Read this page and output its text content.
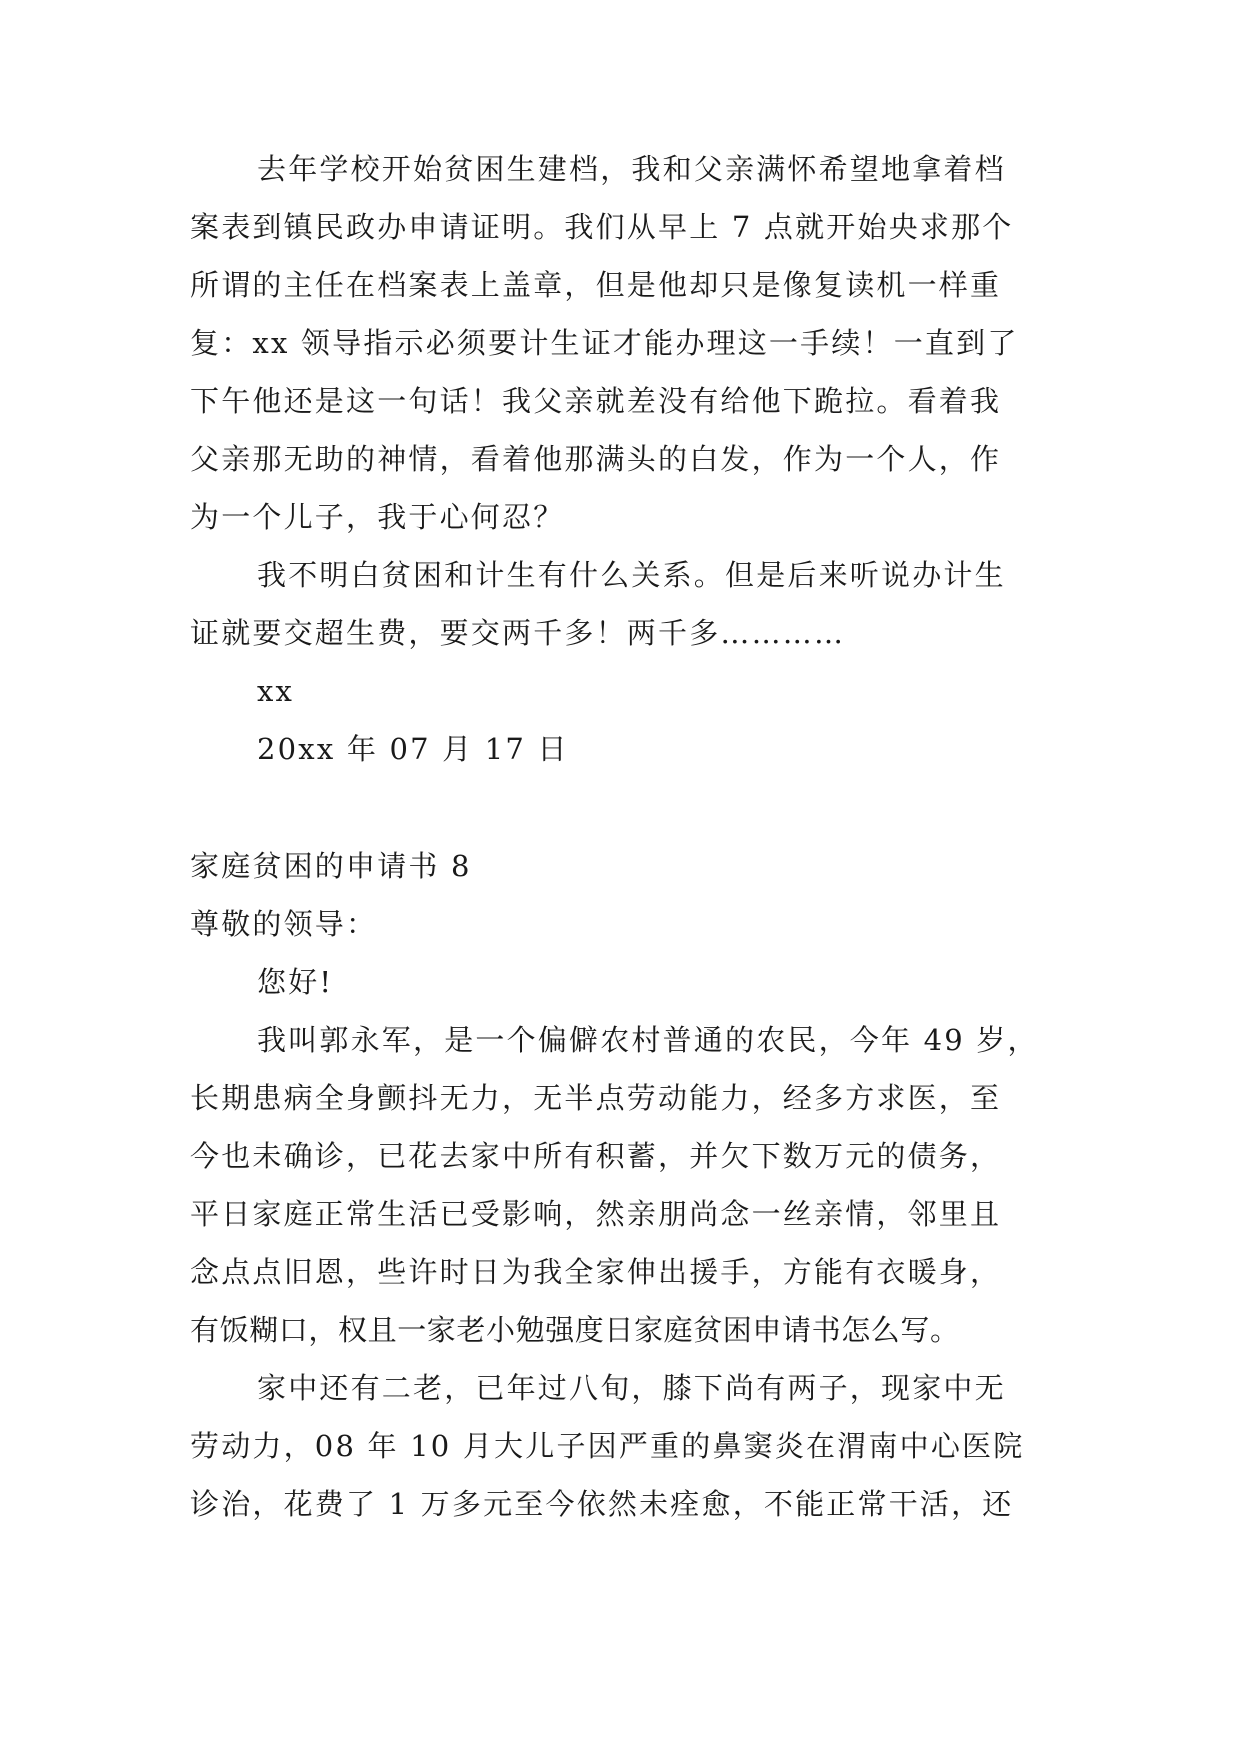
去年学校开始贫困生建档，我和父亲满怀希望地拿着档
案表到镇民政办申请证明。我们从早上 7 点就开始央求那个
所谓的主任在档案表上盖章，但是他却只是像复读机一样重
复：xx 领导指示必须要计生证才能办理这一手续！一直到了
下午他还是这一句话！我父亲就差没有给他下跪拉。看着我
父亲那无助的神情，看着他那满头的白发，作为一个人，作
为一个儿子，我于心何忍？
我不明白贫困和计生有什么关系。但是后来听说办计生
证就要交超生费，要交两千多！两千多…………
xx
20xx 年 07 月 17 日
家庭贫困的申请书 8
尊敬的领导：
您好!
我叫郭永军，是一个偏僻农村普通的农民，今年 49 岁，
长期患病全身颤抖无力，无半点劳动能力，经多方求医，至
今也未确诊，已花去家中所有积蓄，并欠下数万元的债务，
平日家庭正常生活已受影响，然亲朋尚念一丝亲情，邻里且
念点点旧恩，些许时日为我全家伸出援手，方能有衣暖身，
有饭糊口，权且一家老小勉强度日家庭贫困申请书怎么写。
家中还有二老，已年过八旬，膝下尚有两子，现家中无
劳动力，08 年 10 月大儿子因严重的鼻窦炎在渭南中心医院
诊治，花费了 1 万多元至今依然未痊愈，不能正常干活，还
